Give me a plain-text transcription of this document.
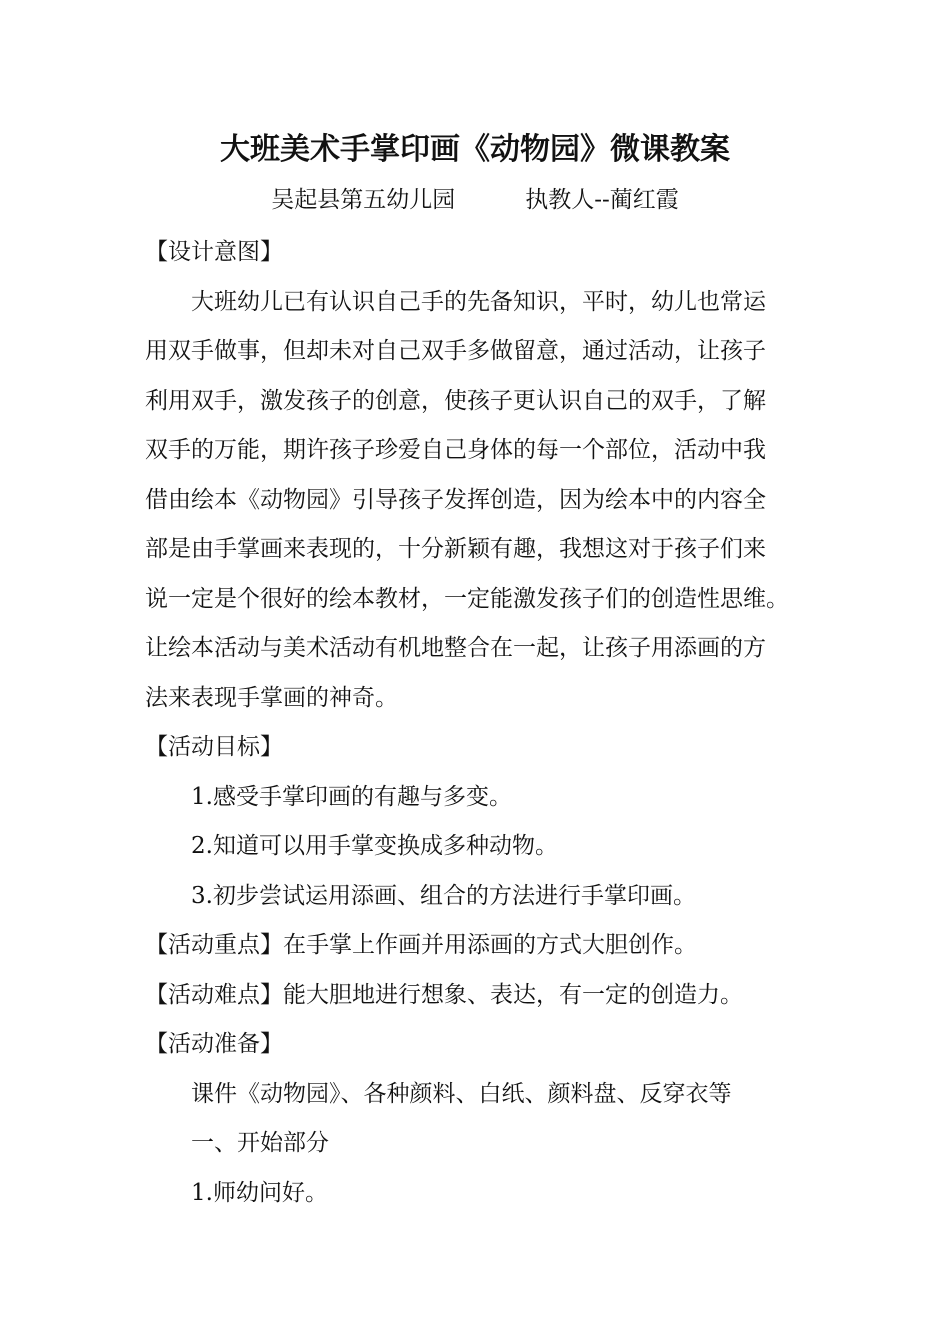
大班美术手掌印画《动物园》微课教案
吴起县第五幼儿园	执教人--蔺红霞
【设计意图】
大班幼儿已有认识自己手的先备知识，平时，幼儿也常运
用双手做事，但却未对自己双手多做留意，通过活动，让孩子
利用双手，激发孩子的创意，使孩子更认识自己的双手，了解
双手的万能，期许孩子珍爱自己身体的每一个部位，活动中我
借由绘本《动物园》引导孩子发挥创造，因为绘本中的内容全
部是由手掌画来表现的，十分新颖有趣，我想这对于孩子们来
说一定是个很好的绘本教材，一定能激发孩子们的创造性思维。
让绘本活动与美术活动有机地整合在一起，让孩子用添画的方
法来表现手掌画的神奇。
【活动目标】
1.感受手掌印画的有趣与多变。
2.知道可以用手掌变换成多种动物。
3.初步尝试运用添画、组合的方法进行手掌印画。
【活动重点】在手掌上作画并用添画的方式大胆创作。
【活动难点】能大胆地进行想象、表达，有一定的创造力。
【活动准备】
课件《动物园》、各种颜料、白纸、颜料盘、反穿衣等
一、开始部分
1.师幼问好。
